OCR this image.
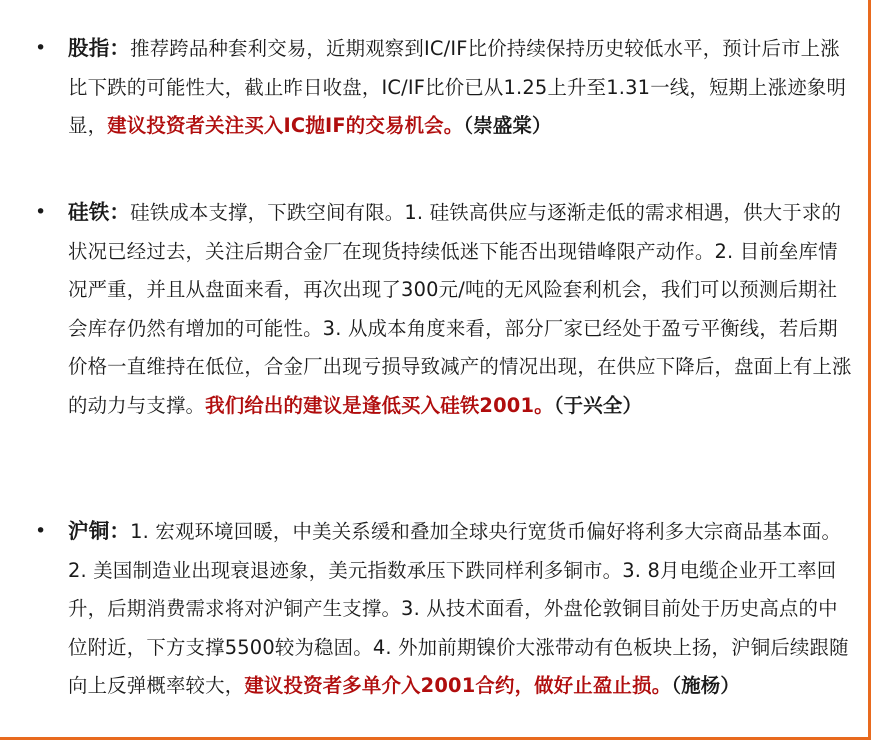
• 股指：推荐跨品种套利交易，近期观察到IC/IF比价持续保持历史较低水平，预计后市上涨比下跌的可能性大，截止昨日收盘，IC/IF比价已从1.25上升至1.31一线，短期上涨迹象明显，建议投资者关注买入IC抛IF的交易机会。（崇盛棠）
• 硅铁：硅铁成本支撑，下跌空间有限。1. 硅铁高供应与逐渐走低的需求相遇，供大于求的状况已经过去，关注后期合金厂在现货持续低迷下能否出现错峰限产动作。2. 目前垒库情况严重，并且从盘面来看，再次出现了300元/吨的无风险套利机会，我们可以预测后期社会库存仍然有增加的可能性。3. 从成本角度来看，部分厂家已经处于盈亏平衡线，若后期价格一直维持在低位，合金厂出现亏损导致减产的情况出现，在供应下降后，盘面上有上涨的动力与支撑。我们给出的建议是逢低买入硅铁2001。（于兴全）
• 沪铜：1. 宏观环境回暖，中美关系缓和叠加全球央行宽货币偏好将利多大宗商品基本面。2. 美国制造业出现衰退迹象，美元指数承压下跌同样利多铜市。3. 8月电缆企业开工率回升，后期消费需求将对沪铜产生支撑。3. 从技术面看，外盘伦敦铜目前处于历史高点的中位附近，下方支撑5500较为稳固。4. 外加前期镍价大涨带动有色板块上扬，沪铜后续跟随向上反弹概率较大，建议投资者多单介入2001合约，做好止盈止损。（施杨）
